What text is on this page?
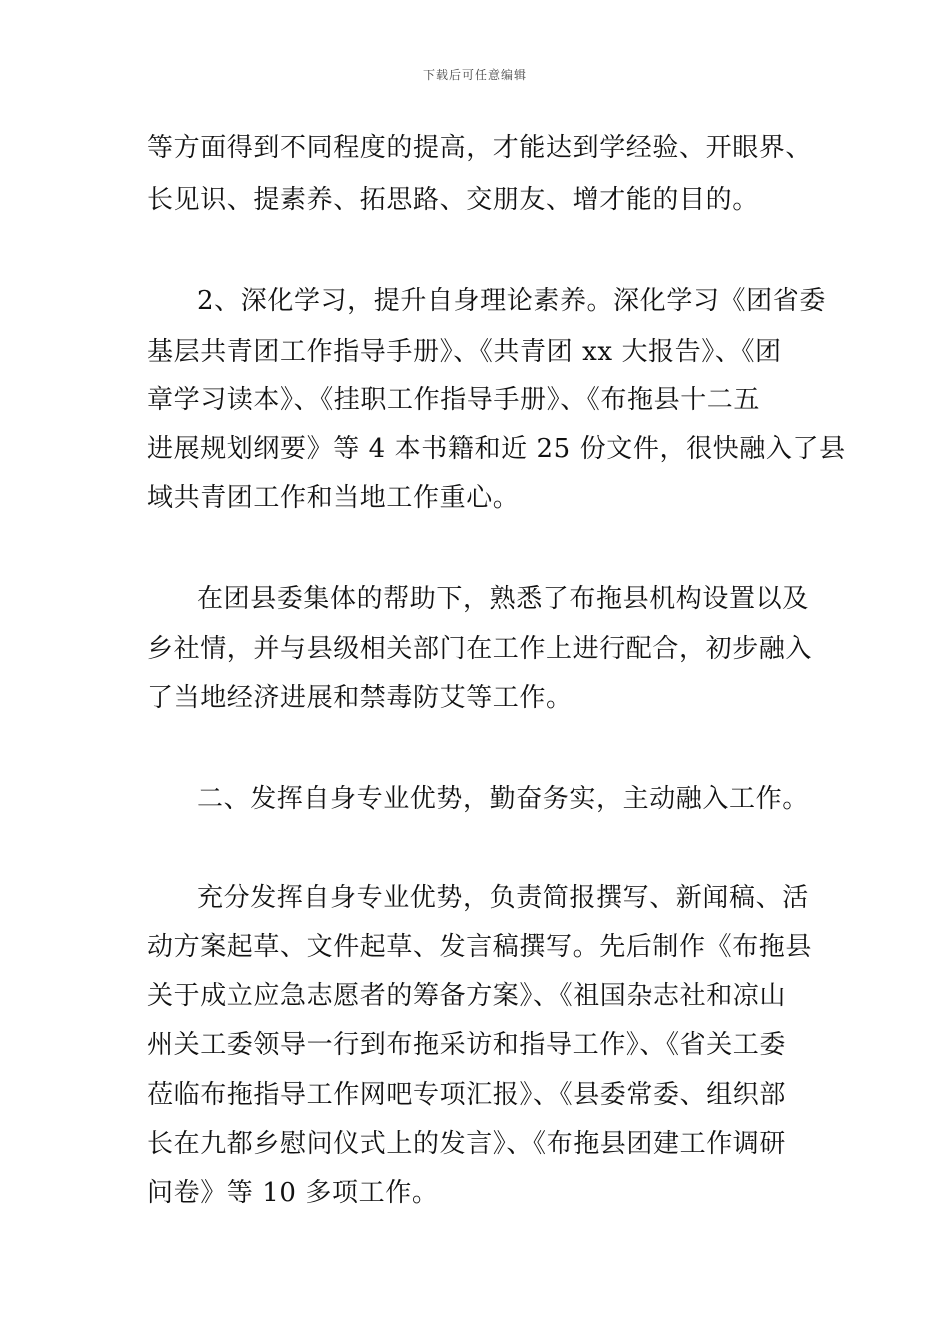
下载后可任意编辑
等方面得到不同程度的提高，才能达到学经验、开眼界、
长见识、提素养、拓思路、交朋友、增才能的目的。
2、深化学习，提升自身理论素养。深化学习《团省委
基层共青团工作指导手册》、《共青团 xx 大报告》、《团
章学习读本》、《挂职工作指导手册》、《布拖县十二五
进展规划纲要》等 4 本书籍和近 25 份文件，很快融入了县
域共青团工作和当地工作重心。
在团县委集体的帮助下，熟悉了布拖县机构设置以及
乡社情，并与县级相关部门在工作上进行配合，初步融入
了当地经济进展和禁毒防艾等工作。
二、发挥自身专业优势，勤奋务实，主动融入工作。
充分发挥自身专业优势，负责简报撰写、新闻稿、活
动方案起草、文件起草、发言稿撰写。先后制作《布拖县
关于成立应急志愿者的筹备方案》、《祖国杂志社和凉山
州关工委领导一行到布拖采访和指导工作》、《省关工委
莅临布拖指导工作网吧专项汇报》、《县委常委、组织部
长在九都乡慰问仪式上的发言》、《布拖县团建工作调研
问卷》等 10 多项工作。
